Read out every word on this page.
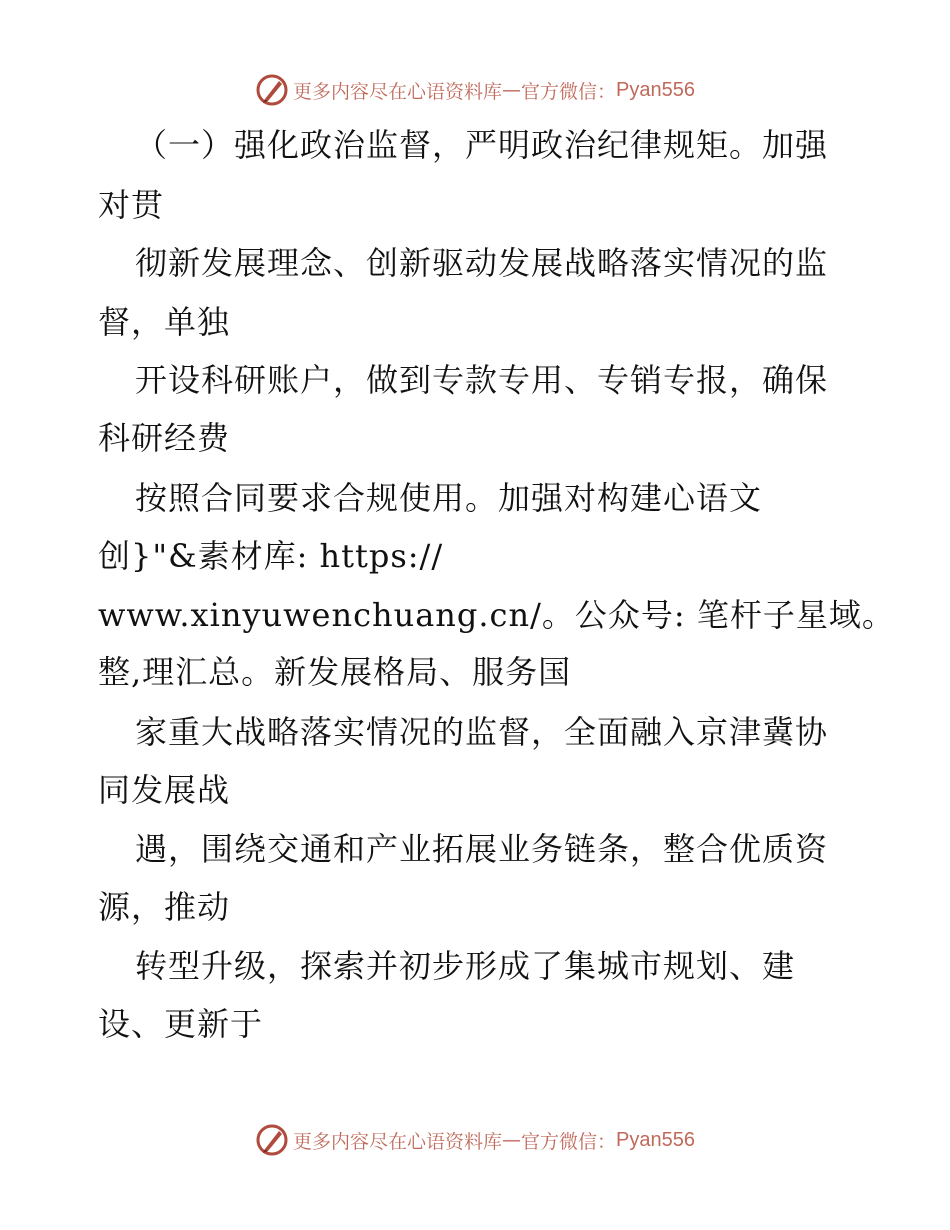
更多内容尽在心语资料库 — 官方微信： Pyan556
（一）强化政治监督，严明政治纪律规矩。加强
对贯
彻新发展理念、创新驱动发展战略落实情况的监
督，单独
开设科研账户，做到专款专用、专销专报，确保
科研经费
按照合同要求合规使用。加强对构建心语文
创}"&素材库: https://
www.xinyuwenchuang.cn/。公众号: 笔杆子星域。
整,理汇总。新发展格局、服务国
家重大战略落实情况的监督，全面融入京津冀协
同发展战
遇，围绕交通和产业拓展业务链条，整合优质资
源，推动
转型升级，探索并初步形成了集城市规划、建
设、更新于
更多内容尽在心语资料库 — 官方微信： Pyan556
